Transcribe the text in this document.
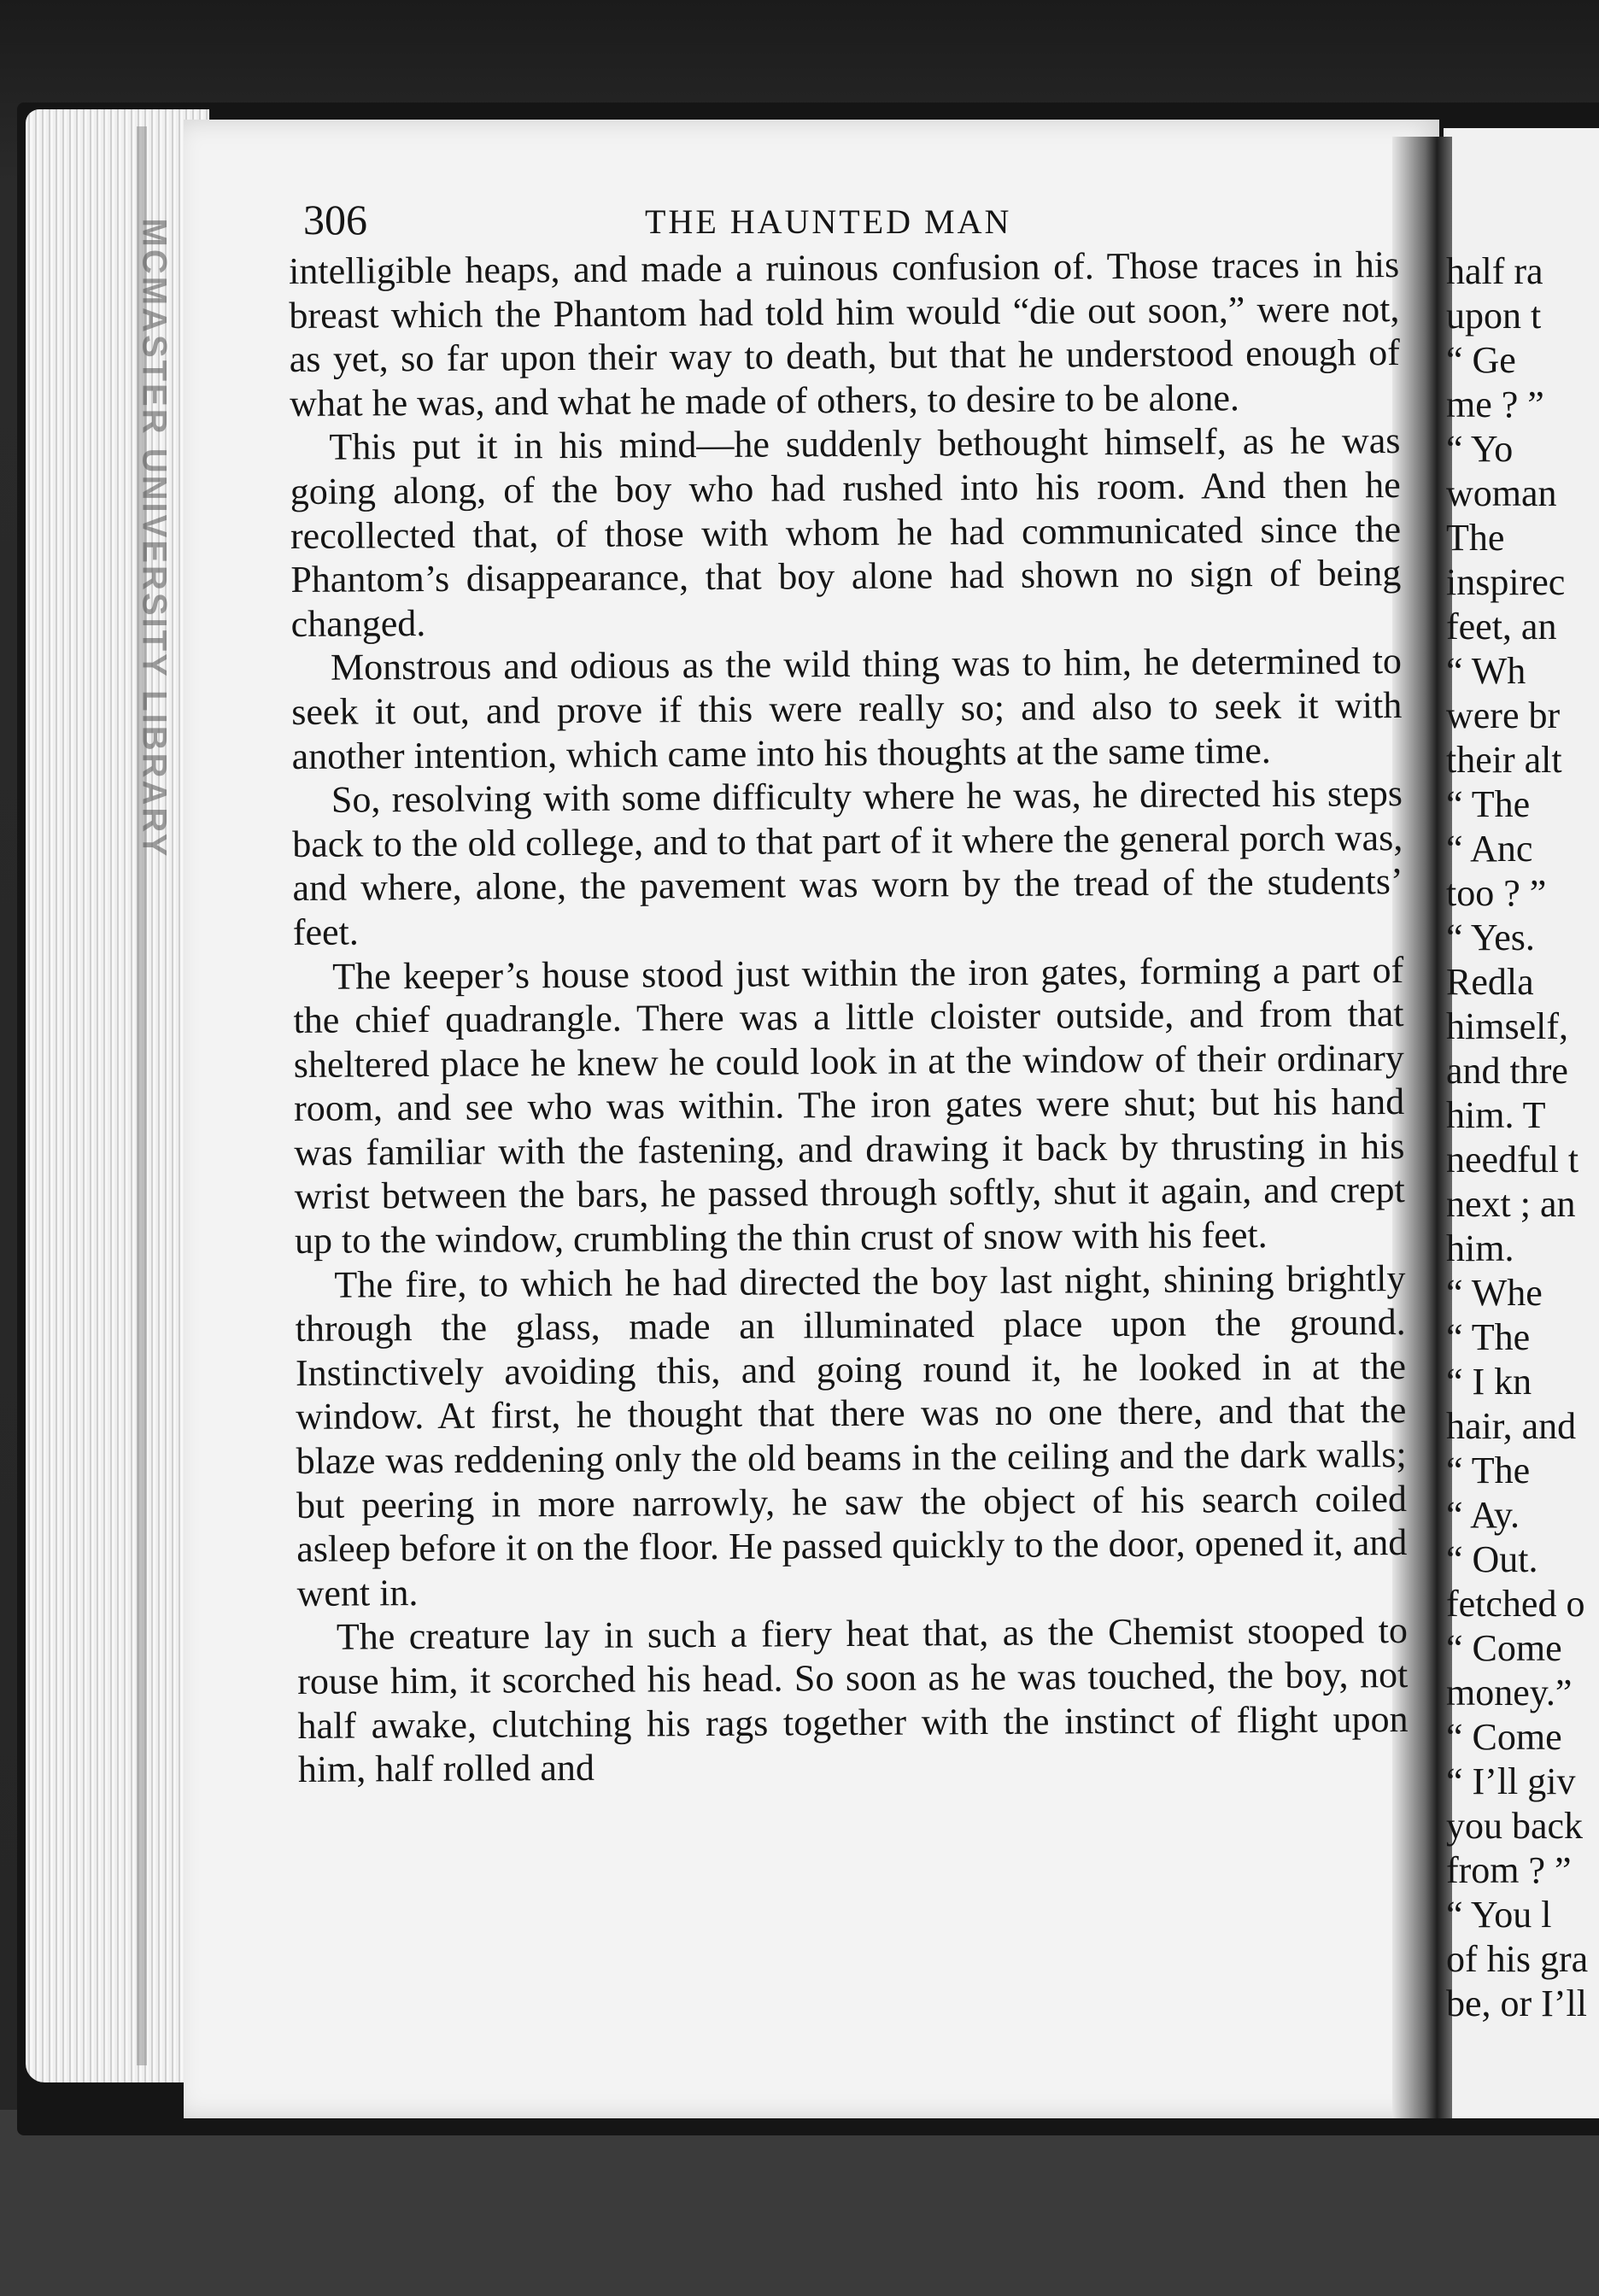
MCMASTER UNIVERSITY LIBRARY	306	THE HAUNTED MAN

intelligible heaps, and made a ruinous confusion of. Those traces in his breast which the Phantom had told him would “die out soon,” were not, as yet, so far upon their way to death, but that he understood enough of what he was, and what he made of others, to desire to be alone.

This put it in his mind—he suddenly bethought himself, as he was going along, of the boy who had rushed into his room. And then he recollected that, of those with whom he had communicated since the Phantom’s disappearance, that boy alone had shown no sign of being changed.

Monstrous and odious as the wild thing was to him, he determined to seek it out, and prove if this were really so; and also to seek it with another intention, which came into his thoughts at the same time.

So, resolving with some difficulty where he was, he directed his steps back to the old college, and to that part of it where the general porch was, and where, alone, the pavement was worn by the tread of the students’ feet.

The keeper’s house stood just within the iron gates, forming a part of the chief quadrangle. There was a little cloister outside, and from that sheltered place he knew he could look in at the window of their ordinary room, and see who was within. The iron gates were shut; but his hand was familiar with the fastening, and drawing it back by thrusting in his wrist between the bars, he passed through softly, shut it again, and crept up to the window, crumbling the thin crust of snow with his feet.

The fire, to which he had directed the boy last night, shining brightly through the glass, made an illuminated place upon the ground. Instinctively avoiding this, and going round it, he looked in at the window. At first, he thought that there was no one there, and that the blaze was reddening only the old beams in the ceiling and the dark walls; but peering in more narrowly, he saw the object of his search coiled asleep before it on the floor. He passed quickly to the door, opened it, and went in.

The creature lay in such a fiery heat that, as the Chemist stooped to rouse him, it scorched his head. So soon as he was touched, the boy, not half awake, clutching his rags together with the instinct of flight upon him, half rolled and

half ra
upon t
“ Ge
me ? ”
“ Yo
woman
The
inspirec
feet, an
“ Wh
were br
their alt
“ The
“ Anc
too ? ”
“ Yes.
Redla
himself,
and thre
him. T
needful t
next ; an
him.
“ Whe
“ The
“ I kn
hair, and
“ The
“ Ay.
“ Out.
fetched o
“ Come
money.”
“ Come
“ I’ll giv
you back
from ? ”
“ You l
of his gra
be, or I’ll
